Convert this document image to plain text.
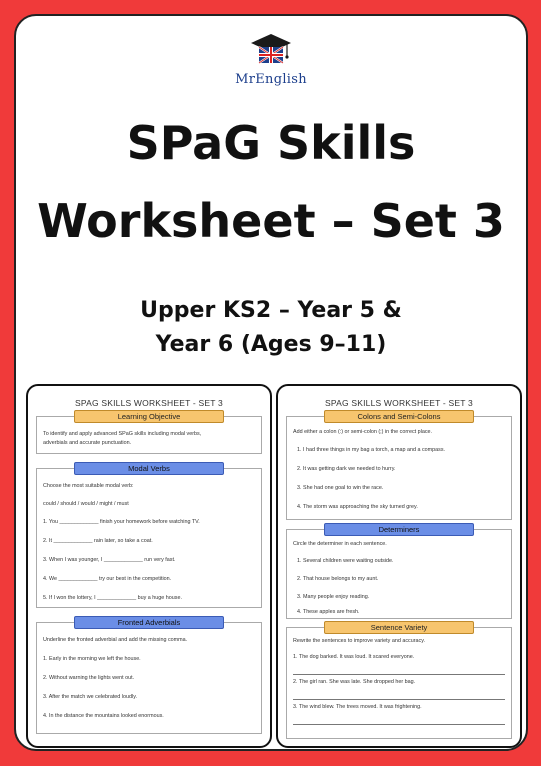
MrEnglish
SPaG Skills
Worksheet – Set 3
Upper KS2 – Year 5 &
Year 6 (Ages 9–11)
SPAG SKILLS WORKSHEET - SET 3
Learning Objective
To identify and apply advanced SPaG skills including modal verbs,
adverbials and accurate punctuation.
Modal Verbs
Choose the most suitable modal verb:
could / should / would / might / must
1. You _____________ finish your homework before watching TV.
2. It _____________ rain later, so take a coat.
3. When I was younger, I _____________ run very fast.
4. We _____________ try our best in the competition.
5. If I won the lottery, I _____________ buy a huge house.
Fronted Adverbials
Underline the fronted adverbial and add the missing comma.
1. Early in the morning we left the house.
2. Without warning the lights went out.
3. After the match we celebrated loudly.
4. In the distance the mountains looked enormous.
SPAG SKILLS WORKSHEET - SET 3
Colons and Semi-Colons
Add either a colon (:) or semi-colon (;) in the correct place.
1. I had three things in my bag a torch, a map and a compass.
2. It was getting dark we needed to hurry.
3. She had one goal to win the race.
4. The storm was approaching the sky turned grey.
Determiners
Circle the determiner in each sentence.
1. Several children were waiting outside.
2. That house belongs to my aunt.
3. Many people enjoy reading.
4. These apples are fresh.
Sentence Variety
Rewrite the sentences to improve variety and accuracy.
1. The dog barked. It was loud. It scared everyone.
2. The girl ran. She was late. She dropped her bag.
3. The wind blew. The trees moved. It was frightening.
